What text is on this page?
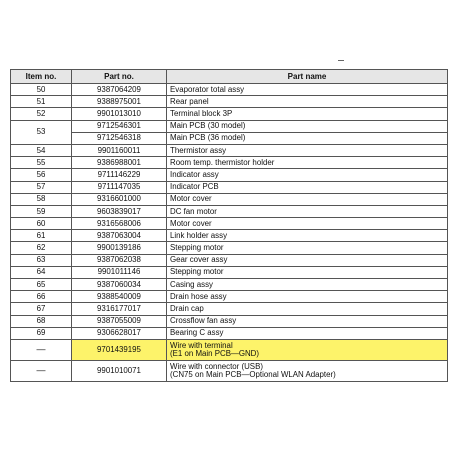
Item no.	Part no.	Part name
50	9387064209	Evaporator total assy
51	9388975001	Rear panel
52	9901013010	Terminal block 3P
53	9712546301	Main PCB (30 model)
	9712546318	Main PCB (36 model)
54	9901160011	Thermistor assy
55	9386988001	Room temp. thermistor holder
56	9711146229	Indicator assy
57	9711147035	Indicator PCB
58	9316601000	Motor cover
59	9603839017	DC fan motor
60	9316568006	Motor cover
61	9387063004	Link holder assy
62	9900139186	Stepping motor
63	9387062038	Gear cover assy
64	9901011146	Stepping motor
65	9387060034	Casing assy
66	9388540009	Drain hose assy
67	9316177017	Drain cap
68	9387055009	Crossflow fan assy
69	9306628017	Bearing C assy
—	9701439195	Wire with terminal
(E1 on Main PCB—GND)

—	9901010071	Wire with connector (USB)
(CN75 on Main PCB—Optional WLAN Adapter)
